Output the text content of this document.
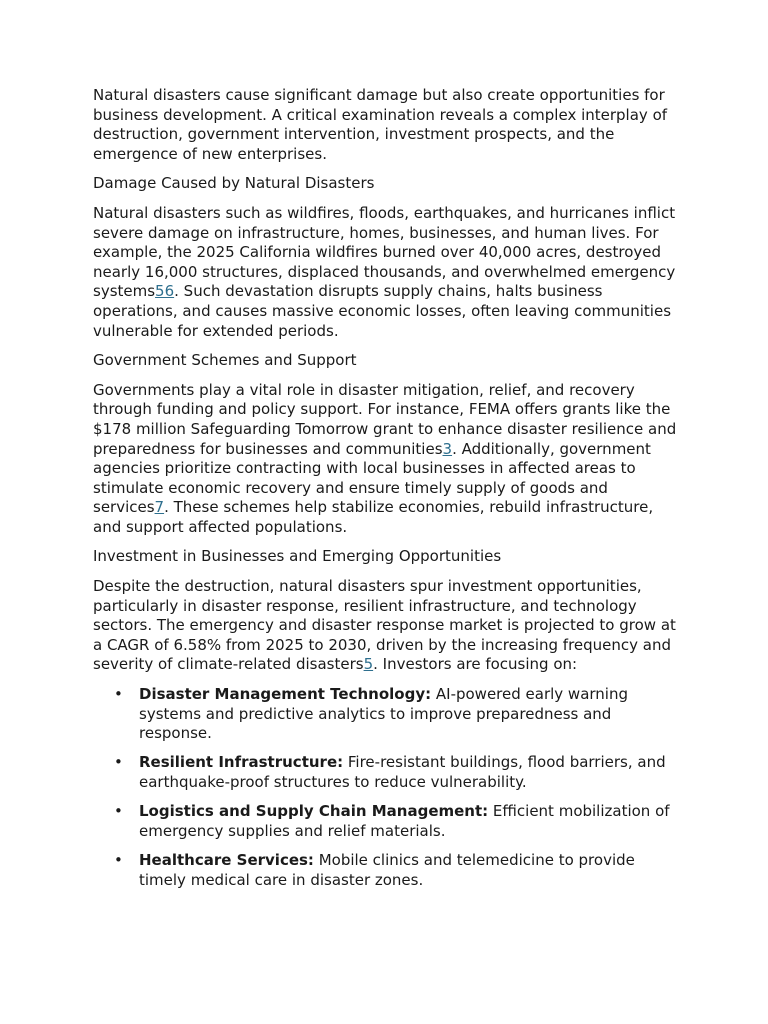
Natural disasters cause significant damage but also create opportunities for business development. A critical examination reveals a complex interplay of destruction, government intervention, investment prospects, and the emergence of new enterprises.

Damage Caused by Natural Disasters

Natural disasters such as wildfires, floods, earthquakes, and hurricanes inflict severe damage on infrastructure, homes, businesses, and human lives. For example, the 2025 California wildfires burned over 40,000 acres, destroyed nearly 16,000 structures, displaced thousands, and overwhelmed emergency systems56. Such devastation disrupts supply chains, halts business operations, and causes massive economic losses, often leaving communities vulnerable for extended periods.

Government Schemes and Support

Governments play a vital role in disaster mitigation, relief, and recovery through funding and policy support. For instance, FEMA offers grants like the $178 million Safeguarding Tomorrow grant to enhance disaster resilience and preparedness for businesses and communities3. Additionally, government agencies prioritize contracting with local businesses in affected areas to stimulate economic recovery and ensure timely supply of goods and services7. These schemes help stabilize economies, rebuild infrastructure, and support affected populations.

Investment in Businesses and Emerging Opportunities

Despite the destruction, natural disasters spur investment opportunities, particularly in disaster response, resilient infrastructure, and technology sectors. The emergency and disaster response market is projected to grow at a CAGR of 6.58% from 2025 to 2030, driven by the increasing frequency and severity of climate-related disasters5. Investors are focusing on:

• Disaster Management Technology: AI-powered early warning systems and predictive analytics to improve preparedness and response.
• Resilient Infrastructure: Fire-resistant buildings, flood barriers, and earthquake-proof structures to reduce vulnerability.
• Logistics and Supply Chain Management: Efficient mobilization of emergency supplies and relief materials.
• Healthcare Services: Mobile clinics and telemedicine to provide timely medical care in disaster zones.
